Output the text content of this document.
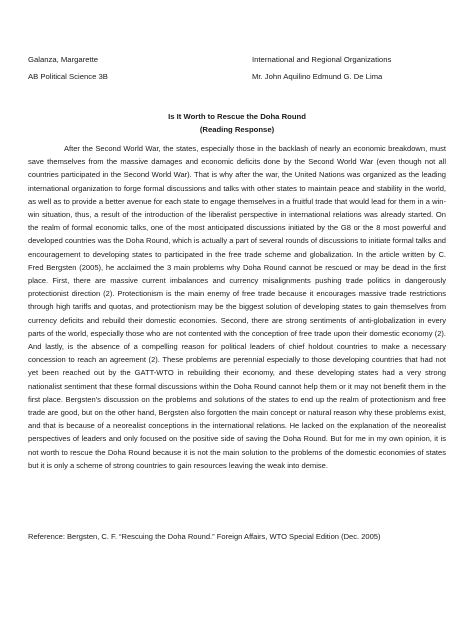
Galanza, Margarette	International and Regional Organizations
AB Political Science 3B	Mr. John Aquilino Edmund G. De Lima
Is It Worth to Rescue the Doha Round
(Reading Response)

After the Second World War, the states, especially those in the backlash of nearly an economic breakdown, must save themselves from the massive damages and economic deficits done by the Second World War (even though not all countries participated in the Second World War). That is why after the war, the United Nations was organized as the leading international organization to forge formal discussions and talks with other states to maintain peace and stability in the world, as well as to provide a better avenue for each state to engage themselves in a fruitful trade that would lead for them in a win-win situation, thus, a result of the introduction of the liberalist perspective in international relations was already started. On the realm of formal economic talks, one of the most anticipated discussions initiated by the G8 or the 8 most powerful and developed countries was the Doha Round, which is actually a part of several rounds of discussions to initiate formal talks and encouragement to developing states to participated in the free trade scheme and globalization. In the article written by C. Fred Bergsten (2005), he acclaimed the 3 main problems why Doha Round cannot be rescued or may be dead in the first place. First, there are massive current imbalances and currency misalignments pushing trade politics in dangerously protectionist direction (2). Protectionism is the main enemy of free trade because it encourages massive trade restrictions through high tariffs and quotas, and protectionism may be the biggest solution of developing states to gain themselves from currency deficits and rebuild their domestic economies. Second, there are strong sentiments of anti-globalization in every parts of the world, especially those who are not contented with the conception of free trade upon their domestic economy (2). And lastly, is the absence of a compelling reason for political leaders of chief holdout countries to make a necessary concession to reach an agreement (2). These problems are perennial especially to those developing countries that had not yet been reached out by the GATT-WTO in rebuilding their economy, and these developing states had a very strong nationalist sentiment that these formal discussions within the Doha Round cannot help them or it may not benefit them in the first place. Bergsten's discussion on the problems and solutions of the states to end up the realm of protectionism and free trade are good, but on the other hand, Bergsten also forgotten the main concept or natural reason why these problems exist, and that is because of a neorealist conceptions in the international relations. He lacked on the explanation of the neorealist perspectives of leaders and only focused on the positive side of saving the Doha Round. But for me in my own opinion, it is not worth to rescue the Doha Round because it is not the main solution to the problems of the domestic economies of states but it is only a scheme of strong countries to gain resources leaving the weak into demise.

Reference: Bergsten, C. F. “Rescuing the Doha Round.” Foreign Affairs, WTO Special Edition (Dec. 2005)
